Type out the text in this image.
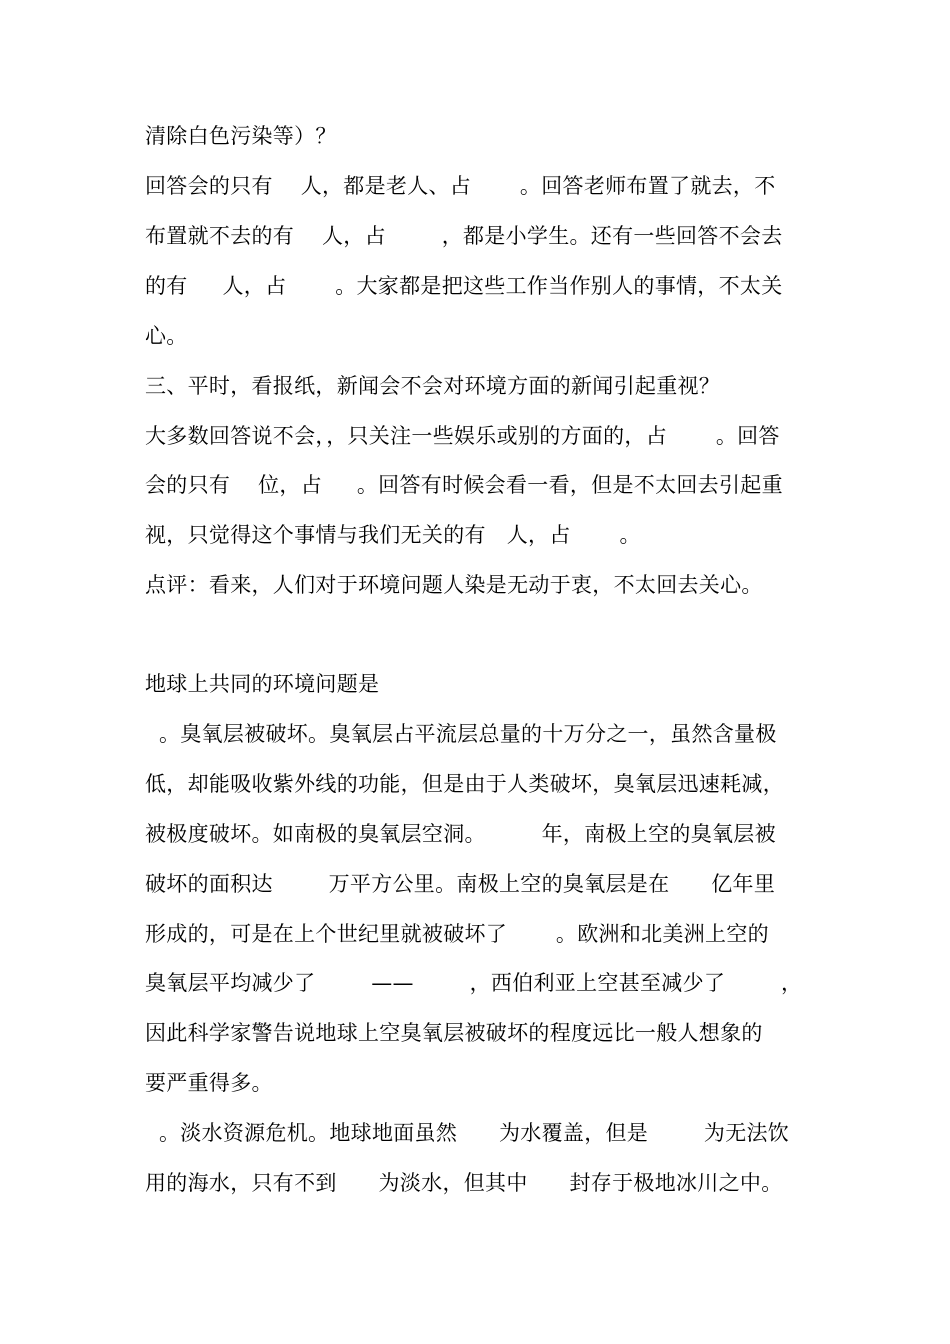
清除白色污染等）？
回答会的只有    人，都是老人、占       。回答老师布置了就去，不
布置就不去的有    人，占        ，都是小学生。还有一些回答不会去
的有     人，占       。大家都是把这些工作当作别人的事情，不太关
心。
三、平时，看报纸，新闻会不会对环境方面的新闻引起重视？
大多数回答说不会，，只关注一些娱乐或别的方面的，占       。回答
会的只有    位，占     。回答有时候会看一看，但是不太回去引起重
视，只觉得这个事情与我们无关的有   人，占       。
点评：看来，人们对于环境问题人染是无动于衷，不太回去关心。
地球上共同的环境问题是
。臭氧层被破坏。臭氧层占平流层总量的十万分之一，虽然含量极
低，却能吸收紫外线的功能，但是由于人类破坏，臭氧层迅速耗减，
被极度破坏。如南极的臭氧层空洞。        年，南极上空的臭氧层被
破坏的面积达        万平方公里。南极上空的臭氧层是在      亿年里
形成的，可是在上个世纪里就被破坏了       。欧洲和北美洲上空的
臭氧层平均减少了        ——        ，西伯利亚上空甚至减少了        ，
因此科学家警告说地球上空臭氧层被破坏的程度远比一般人想象的
要严重得多。
。淡水资源危机。地球地面虽然      为水覆盖，但是        为无法饮
用的海水，只有不到      为淡水，但其中      封存于极地冰川之中。
